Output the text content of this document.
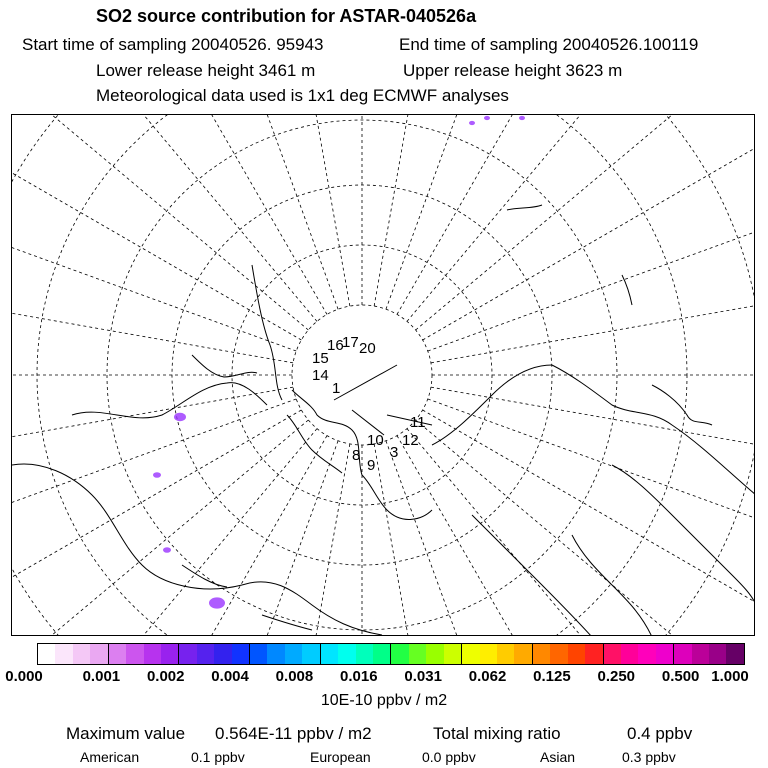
SO2 source contribution for ASTAR-040526a
Start time of sampling 20040526. 95943	End time of sampling 20040526.100119
Lower release height 3461 m	Upper release height 3623 m
Meteorological data used is 1x1 deg ECMWF analyses
16
17 20
15
14
1
10 12
11
9
8 3
0.000	0.001 0.002 0.004 0.008 0.016 0.031 0.062 0.125 0.250 0.500 1.000
10E-10 ppbv / m2
Maximum value 0.564E-11 ppbv / m2	Total mixing ratio	0.4 ppbv
American	0.1 ppbv	European	0.0 ppbv	Asian	0.3 ppbv
